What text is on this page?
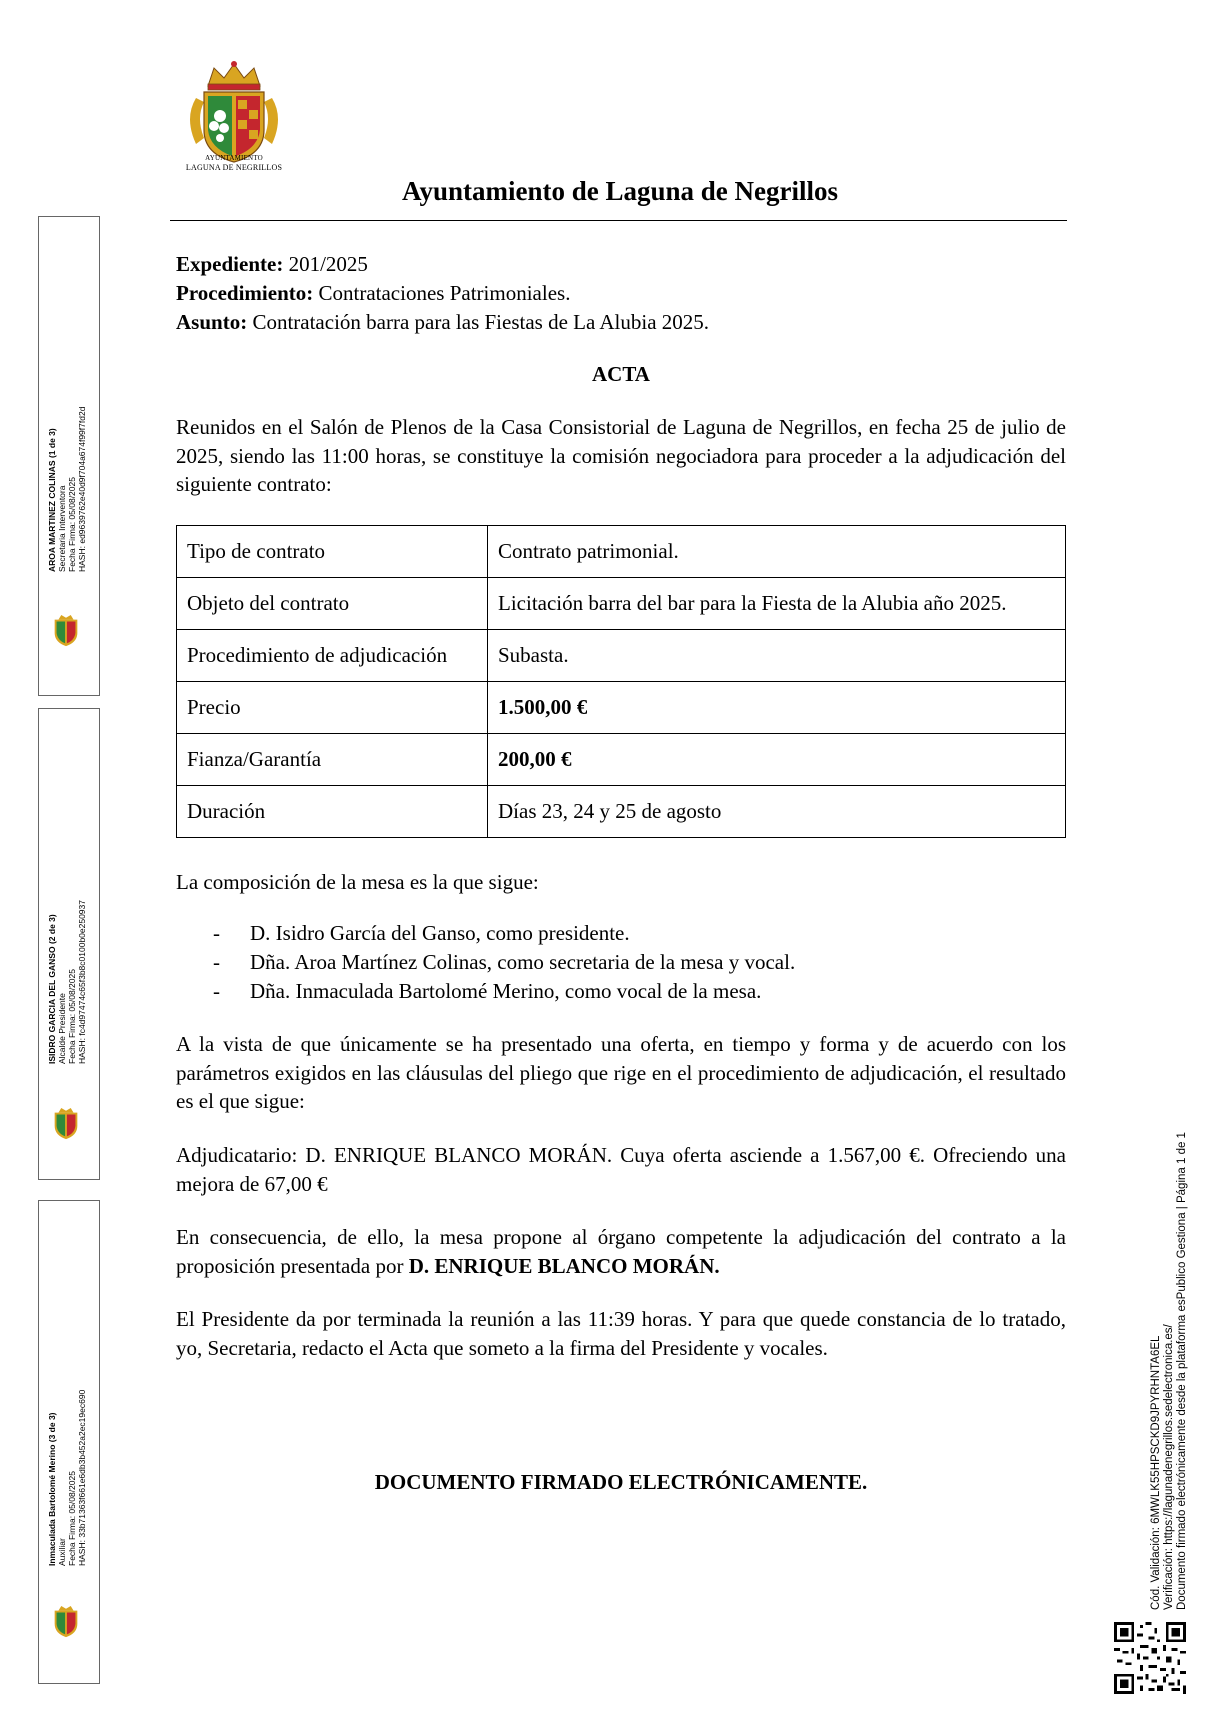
AYUNTAMIENTO
LAGUNA DE NEGRILLOS
Ayuntamiento de Laguna de Negrillos
Expediente: 201/2025
Procedimiento: Contrataciones Patrimoniales.
Asunto: Contratación barra para las Fiestas de La Alubia 2025.
ACTA
Reunidos en el Salón de Plenos de la Casa Consistorial de Laguna de Negrillos, en fecha 25 de julio de 2025, siendo las 11:00 horas, se constituye la comisión negociadora para proceder a la adjudicación del siguiente contrato:
Tipo de contrato	Contrato patrimonial.
Objeto del contrato	Licitación barra del bar para la Fiesta de la Alubia año 2025.
Procedimiento de adjudicación	Subasta.
Precio	1.500,00 €
Fianza/Garantía	200,00 €
Duración	Días 23, 24 y 25 de agosto
La composición de la mesa es la que sigue:
- D. Isidro García del Ganso, como presidente.
- Dña. Aroa Martínez Colinas, como secretaria de la mesa y vocal.
- Dña. Inmaculada Bartolomé Merino, como vocal de la mesa.
A la vista de que únicamente se ha presentado una oferta, en tiempo y forma y de acuerdo con los parámetros exigidos en las cláusulas del pliego que rige en el procedimiento de adjudicación, el resultado es el que sigue:
Adjudicatario: D. ENRIQUE BLANCO MORÁN. Cuya oferta asciende a 1.567,00 €. Ofreciendo una mejora de 67,00 €
En consecuencia, de ello, la mesa propone al órgano competente la adjudicación del contrato a la proposición presentada por D. ENRIQUE BLANCO MORÁN.
El Presidente da por terminada la reunión a las 11:39 horas. Y para que quede constancia de lo tratado, yo, Secretaria, redacto el Acta que someto a la firma del Presidente y vocales.
DOCUMENTO FIRMADO ELECTRÓNICAMENTE.
AROA MARTINEZ COLINAS (1 de 3) Secretaria Interventora Fecha Firma: 05/08/2025 HASH: ed9639762e40d9f704a674f99f7fd2d
ISIDRO GARCIA DEL GANSO (2 de 3) Alcalde Presidente Fecha Firma: 05/08/2025 HASH: fc4d97474c65f3b8c0100b0e250937
Inmaculada Bartolomé Merino (3 de 3) Auxiliar Fecha Firma: 05/08/2025 HASH: 33b71363f661e6db3b452a2ec19ec690	Cód. Validación: 6MWLK55HPSCKD9JPYRHNTA6EL Verificación: https://lagunadenegrillos.sedelectronica.es/ Documento firmado electrónicamente desde la plataforma esPublico Gestiona | Página 1 de 1
